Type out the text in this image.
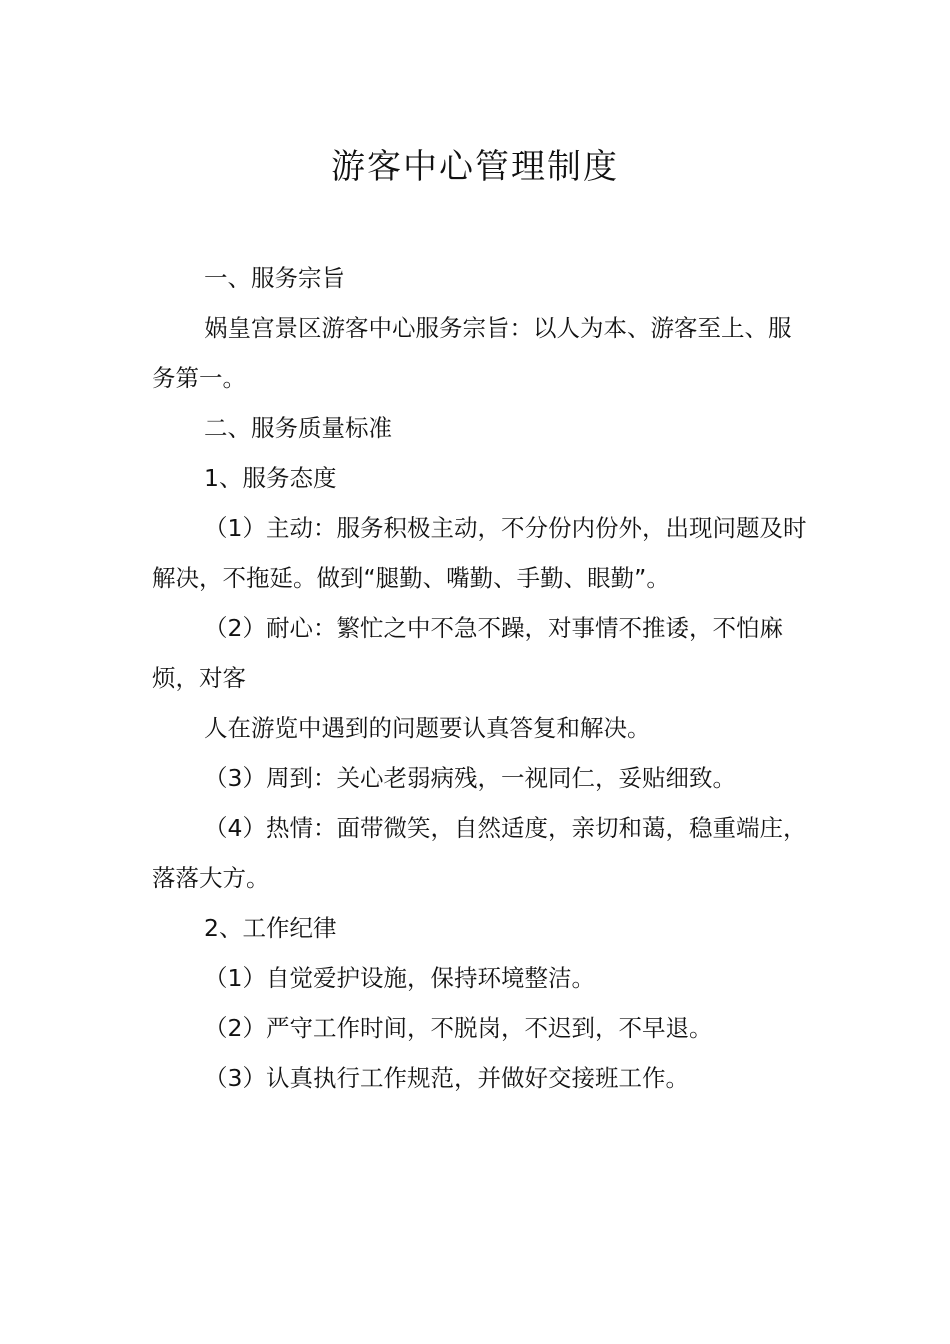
游客中心管理制度

一、服务宗旨

娲皇宫景区游客中心服务宗旨：以人为本、游客至上、服务第一。

二、服务质量标准

1、服务态度

（1）主动：服务积极主动，不分份内份外，出现问题及时解决，不拖延。做到“腿勤、嘴勤、手勤、眼勤”。

（2）耐心：繁忙之中不急不躁，对事情不推诿，不怕麻烦，对客

人在游览中遇到的问题要认真答复和解决。

（3）周到：关心老弱病残，一视同仁，妥贴细致。

（4）热情：面带微笑，自然适度，亲切和蔼，稳重端庄，落落大方。

2、工作纪律

（1）自觉爱护设施，保持环境整洁。

（2）严守工作时间，不脱岗，不迟到，不早退。

（3）认真执行工作规范，并做好交接班工作。
